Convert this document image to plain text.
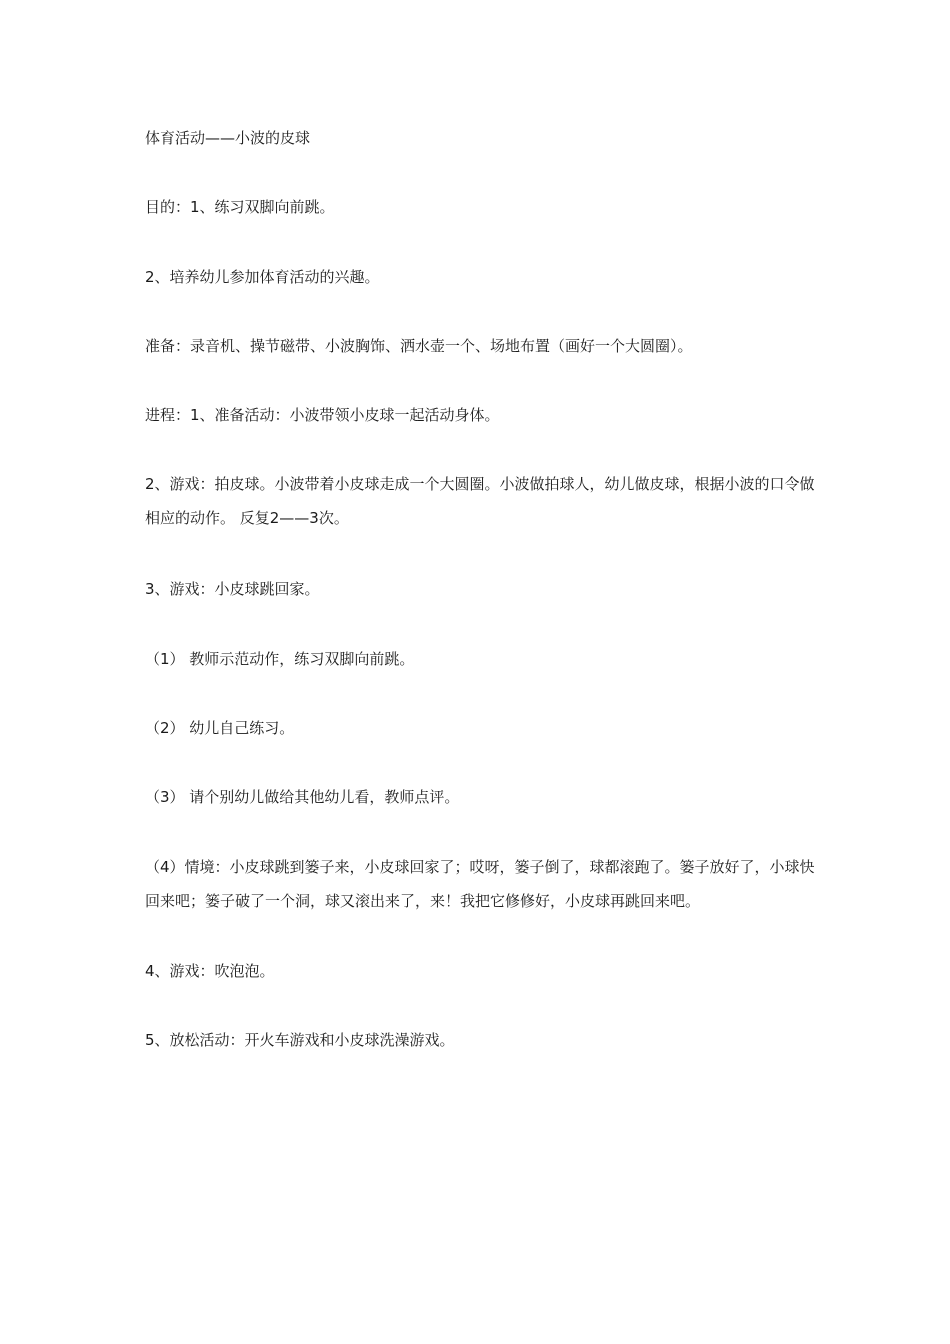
体育活动——小波的皮球

目的：1、练习双脚向前跳。

2、培养幼儿参加体育活动的兴趣。

准备：录音机、操节磁带、小波胸饰、洒水壶一个、场地布置（画好一个大圆圈）。

进程：1、准备活动：小波带领小皮球一起活动身体。

2、游戏：拍皮球。小波带着小皮球走成一个大圆圈。小波做拍球人，幼儿做皮球，根据小波的口令做相应的动作。 反复2——3次。

3、游戏：小皮球跳回家。

（1） 教师示范动作，练习双脚向前跳。

（2） 幼儿自己练习。

（3） 请个别幼儿做给其他幼儿看，教师点评。

（4）情境：小皮球跳到篓子来，小皮球回家了；哎呀，篓子倒了，球都滚跑了。篓子放好了，小球快回来吧；篓子破了一个洞，球又滚出来了，来！我把它修修好，小皮球再跳回来吧。

4、游戏：吹泡泡。

5、放松活动：开火车游戏和小皮球洗澡游戏。
